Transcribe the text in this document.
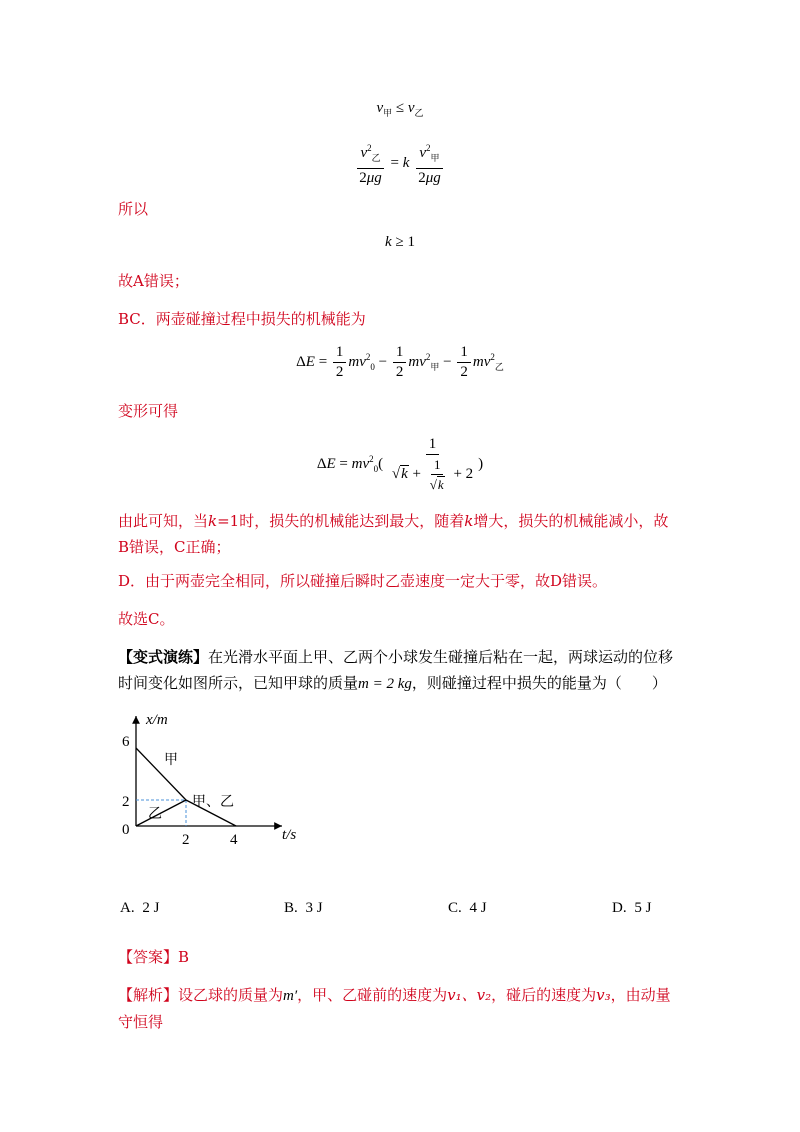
$v_甲 \le v_乙$
$\frac{v^2_乙}{2\mu g} = k \frac{v^2_甲}{2\mu g}$
所以
k ≥ 1
故A错误；
BC．两壶碰撞过程中损失的机械能为
$\Delta E = \frac{1}{2} mv^2_0 - \frac{1}{2} mv^2_甲 - \frac{1}{2} mv^2_乙$
变形可得
$\Delta E = mv^2_0( \frac{1}{√k + \frac{1}{√k} + 2}$ )
由此可知，当k=1时，损失的机械能达到最大，随着k增大，损失的机械能减小，故B错误，C正确；
D．由于两壶完全相同，所以碰撞后瞬时乙壶速度一定大于零，故D错误。
故选C。
【变式演练】在光滑水平面上甲、乙两个小球发生碰撞后粘在一起，两球运动的位移时间变化如图所示，已知甲球的质量m = 2 kg，则碰撞过程中损失的能量为（　　）
x/m
t/s
6
2
0
2	4
甲
乙
甲、乙
A. 2 J	B. 3 J	C. 4 J	D. 5 J
【答案】B
【解析】设乙球的质量为m′，甲、乙碰前的速度为v₁、v₂，碰后的速度为v₃，由动量守恒得
